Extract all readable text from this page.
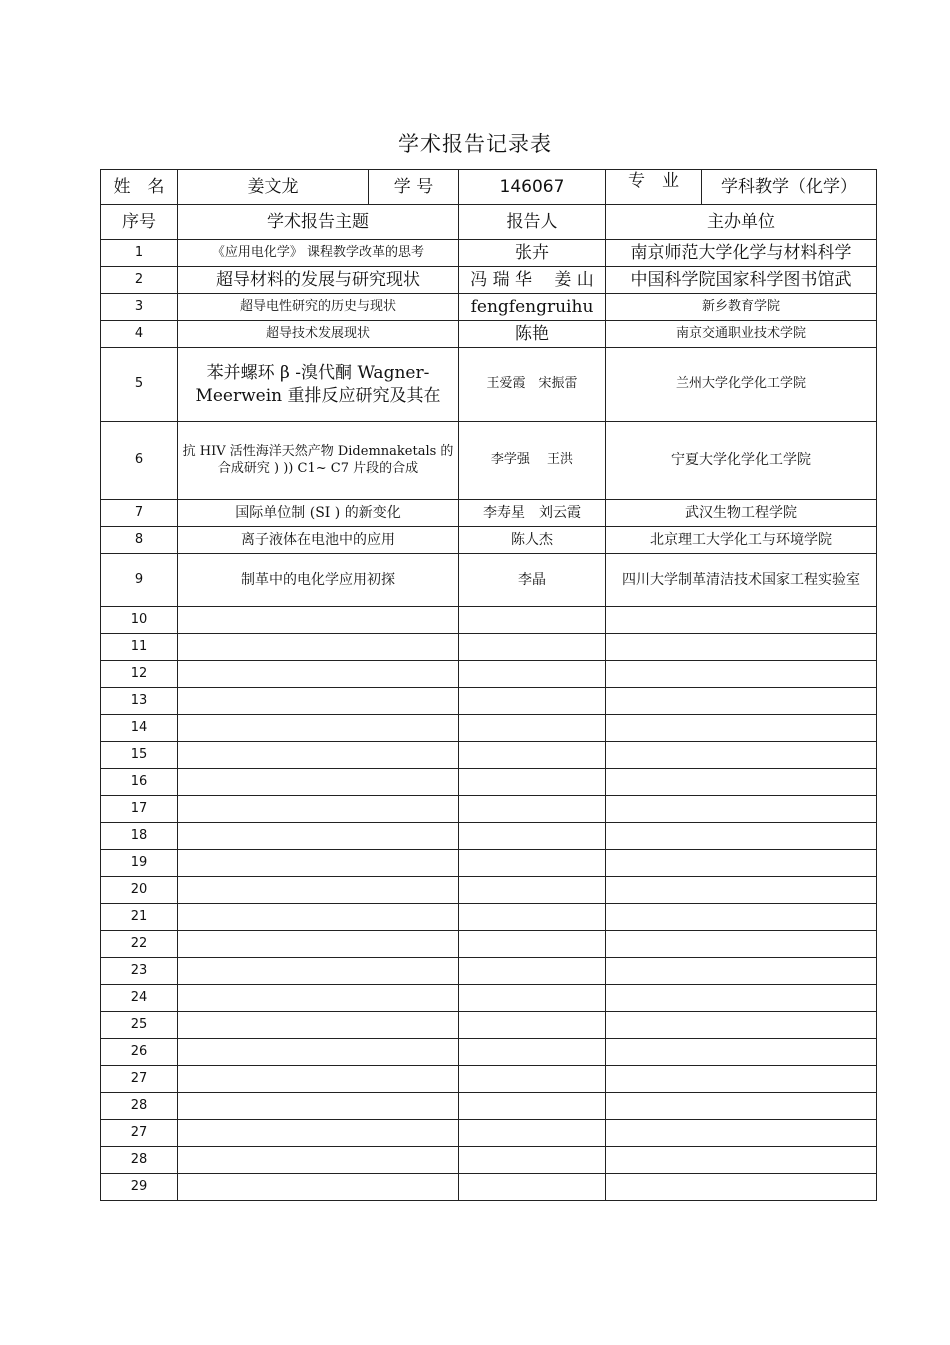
学术报告记录表
姓　名	姜文龙	学 号	146067	专　业	学科教学（化学）
序号	学术报告主题		报告人	主办单位	
1	《应用电化学》 课程教学改革的思考		张卉	南京师范大学化学与材料科学	
2	超导材料的发展与研究现状		冯 瑞 华　 姜 山	中国科学院国家科学图书馆武	
3	超导电性研究的历史与现状		fengfengruihu	新乡教育学院	
4	超导技术发展现状		陈艳	南京交通职业技术学院	
5	苯并螺环 β -溴代酮 Wagner-Meerwein 重排反应研究及其在		王爱霞　宋振雷	兰州大学化学化工学院	
6	抗 HIV 活性海洋天然产物 Didemnaketals 的合成研究 ) )) C1~ C7 片段的合成		李学强　 王洪	宁夏大学化学化工学院	
7	国际单位制 (SI ) 的新变化		李寿星　刘云霞	武汉生物工程学院	
8	离子液体在电池中的应用		陈人杰	北京理工大学化工与环境学院	
9	制革中的电化学应用初探		李晶	四川大学制革清洁技术国家工程实验室	
10					
11					
12					
13					
14					
15					
16					
17					
18					
19					
20					
21					
22					
23					
24					
25					
26					
27					
28					
27					
28					
29					
